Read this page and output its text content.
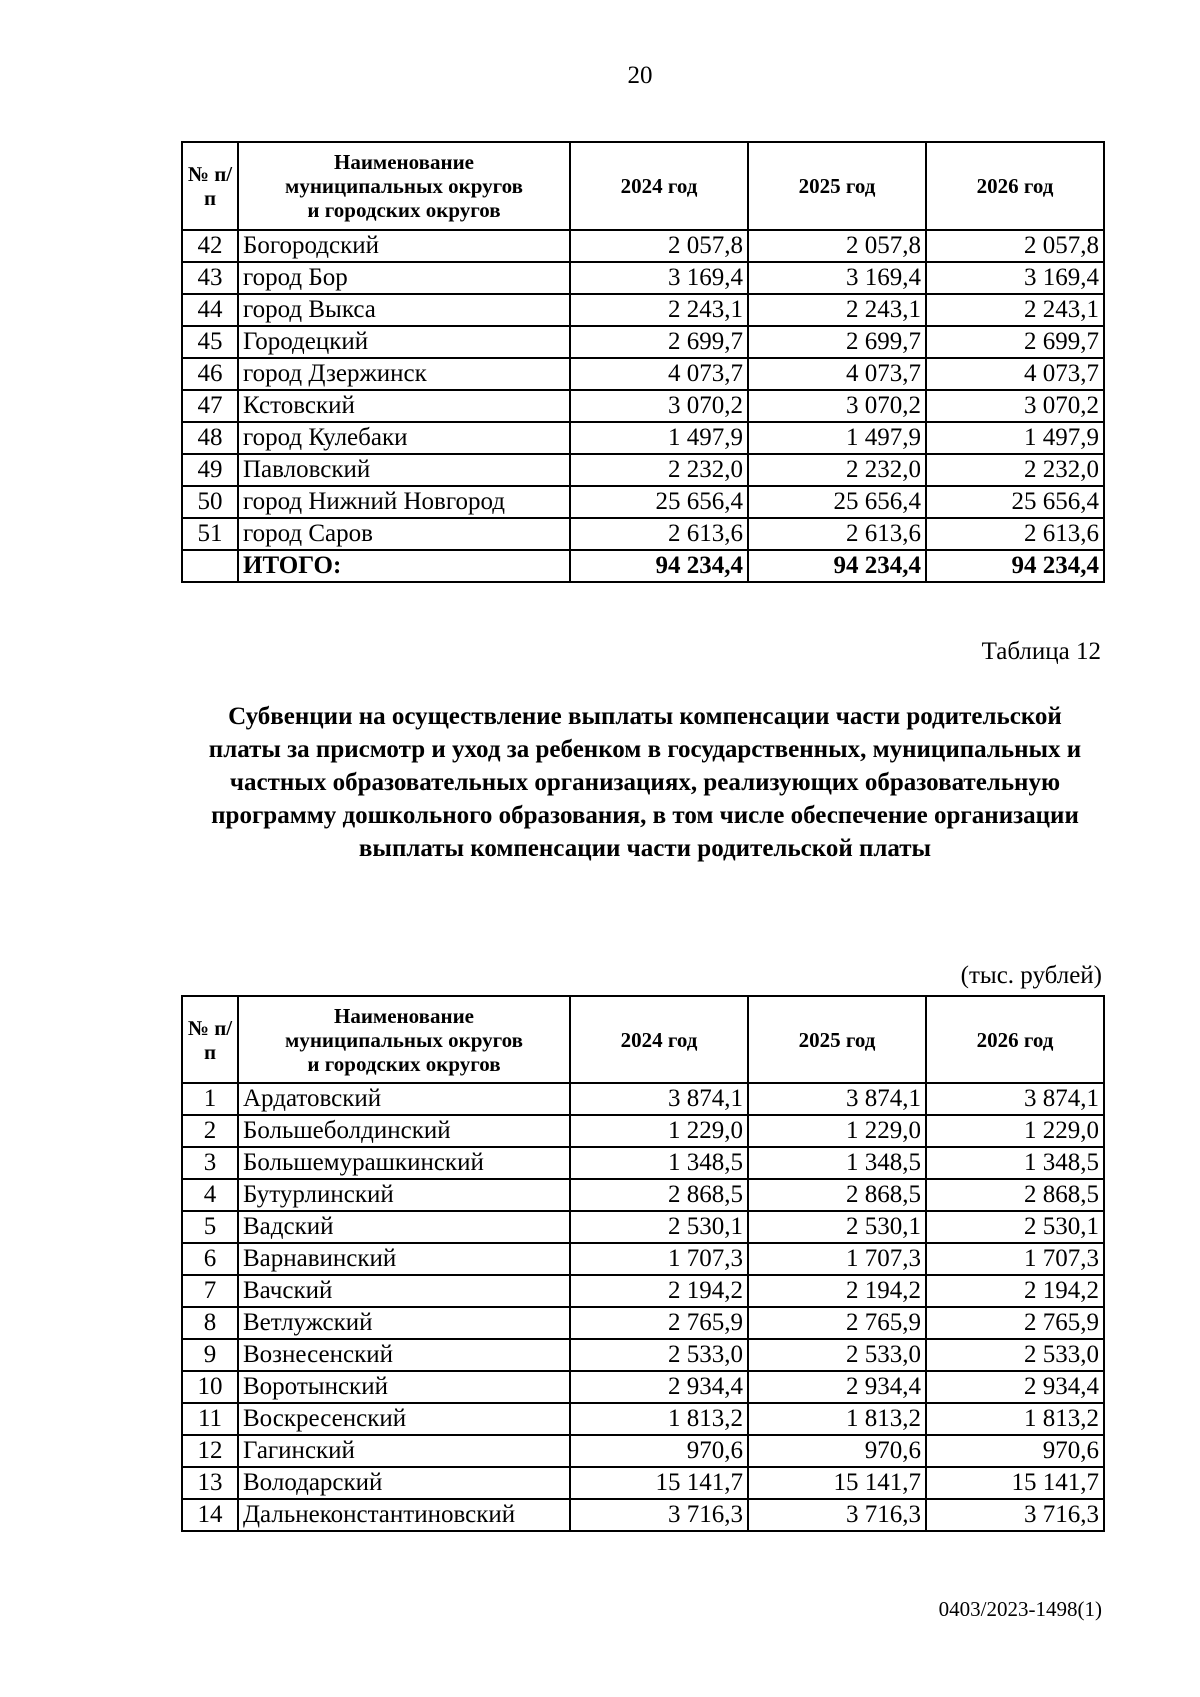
20
№ п/п	Наименование
муниципальных округов
и городских округов	2024 год	2025 год	2026 год
42	Богородский	2 057,8	2 057,8	2 057,8
43	город Бор	3 169,4	3 169,4	3 169,4
44	город Выкса	2 243,1	2 243,1	2 243,1
45	Городецкий	2 699,7	2 699,7	2 699,7
46	город Дзержинск	4 073,7	4 073,7	4 073,7
47	Кстовский	3 070,2	3 070,2	3 070,2
48	город Кулебаки	1 497,9	1 497,9	1 497,9
49	Павловский	2 232,0	2 232,0	2 232,0
50	город Нижний Новгород	25 656,4	25 656,4	25 656,4
51	город Саров	2 613,6	2 613,6	2 613,6
	ИТОГО:	94 234,4	94 234,4	94 234,4
Таблица 12
Субвенции на осуществление выплаты компенсации части родительской платы за присмотр и уход за ребенком в государственных, муниципальных и частных образовательных организациях, реализующих образовательную программу дошкольного образования, в том числе обеспечение организации выплаты компенсации части родительской платы
(тыс. рублей)
№ п/п	Наименование
муниципальных округов
и городских округов	2024 год	2025 год	2026 год
1	Ардатовский	3 874,1	3 874,1	3 874,1
2	Большеболдинский	1 229,0	1 229,0	1 229,0
3	Большемурашкинский	1 348,5	1 348,5	1 348,5
4	Бутурлинский	2 868,5	2 868,5	2 868,5
5	Вадский	2 530,1	2 530,1	2 530,1
6	Варнавинский	1 707,3	1 707,3	1 707,3
7	Вачский	2 194,2	2 194,2	2 194,2
8	Ветлужский	2 765,9	2 765,9	2 765,9
9	Вознесенский	2 533,0	2 533,0	2 533,0
10	Воротынский	2 934,4	2 934,4	2 934,4
11	Воскресенский	1 813,2	1 813,2	1 813,2
12	Гагинский	970,6	970,6	970,6
13	Володарский	15 141,7	15 141,7	15 141,7
14	Дальнеконстантиновский	3 716,3	3 716,3	3 716,3
0403/2023-1498(1)
